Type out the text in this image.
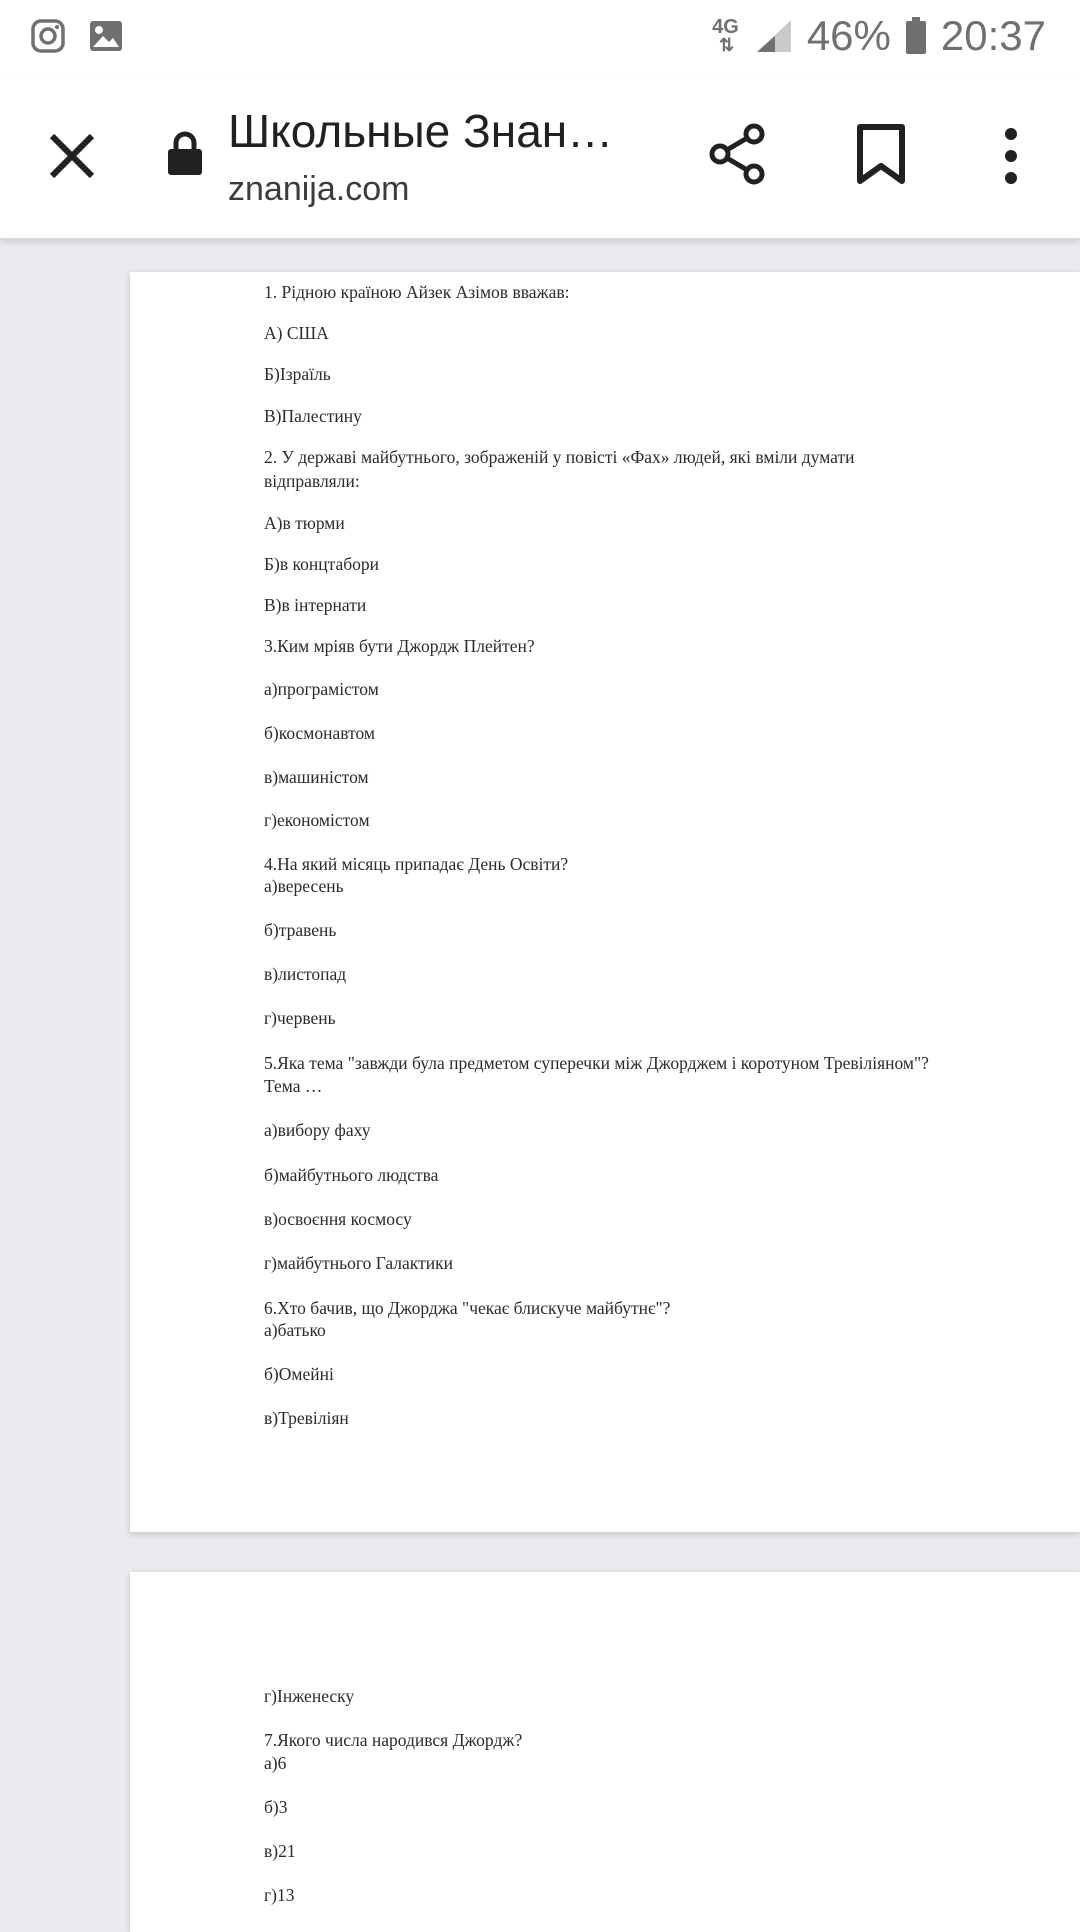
4G
⇅ 46% 20:37
Школьные Знан…
znanija.com
1. Рідною країною Айзек Азімов вважав:
А) США
Б)Ізраїль
В)Палестину
2. У державі майбутнього, зображеній у повісті «Фах» людей, які вміли думати
відправляли:
А)в тюрми
Б)в концтабори
В)в інтернати
3.Ким мріяв бути Джордж Плейтен?
а)програмістом
б)космонавтом
в)машиністом
г)економістом
4.На який місяць припадає День Освіти?
а)вересень
б)травень
в)листопад
г)червень
5.Яка тема "завжди була предметом суперечки між Джорджем і коротуном Тревіліяном"?
Тема …
а)вибору фаху
б)майбутнього людства
в)освоєння космосу
г)майбутнього Галактики
6.Хто бачив, що Джорджа "чекає блискуче майбутнє"?
а)батько
б)Омейні
в)Тревіліян
г)Інженеску
7.Якого числа народився Джордж?
а)6
б)3
в)21
г)13
